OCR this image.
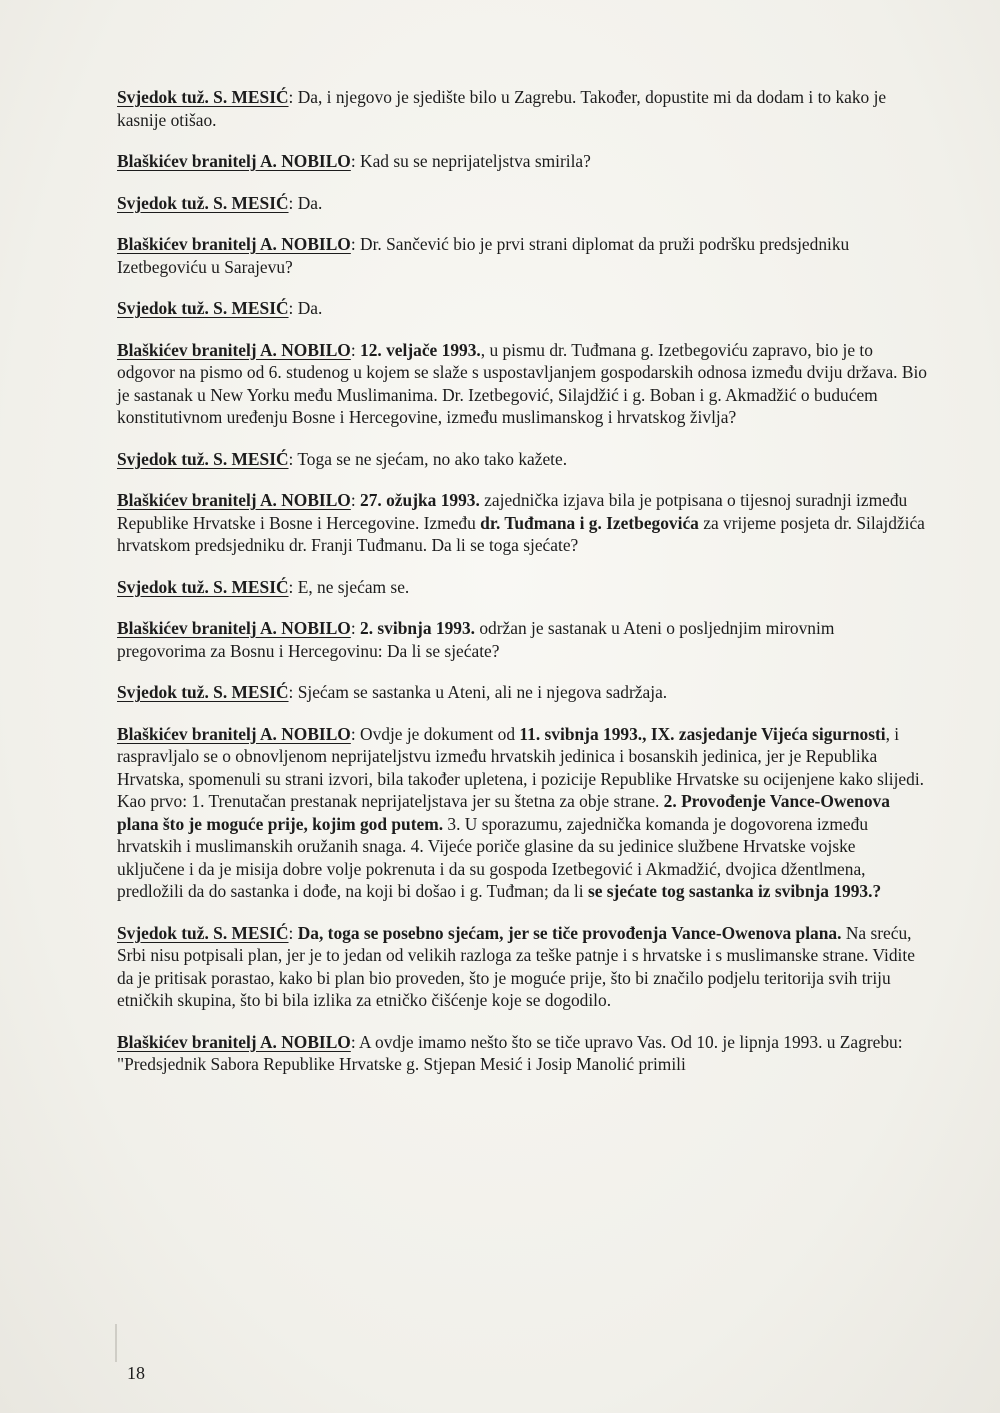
Svjedok tuž. S. MESIĆ: Da, i njegovo je sjedište bilo u Zagrebu. Također, dopustite mi da dodam i to kako je kasnije otišao.

Blaškićev branitelj A. NOBILO: Kad su se neprijateljstva smirila?

Svjedok tuž. S. MESIĆ: Da.

Blaškićev branitelj A. NOBILO: Dr. Sančević bio je prvi strani diplomat da pruži podršku predsjedniku Izetbegoviću u Sarajevu?

Svjedok tuž. S. MESIĆ: Da.

Blaškićev branitelj A. NOBILO: 12. veljače 1993., u pismu dr. Tuđmana g. Izetbegoviću zapravo, bio je to odgovor na pismo od 6. studenog u kojem se slaže s uspostavljanjem gospodarskih odnosa između dviju država. Bio je sastanak u New Yorku među Muslimanima. Dr. Izetbegović, Silajdžić i g. Boban i g. Akmadžić o budućem konstitutivnom uređenju Bosne i Hercegovine, između muslimanskog i hrvatskog življa?

Svjedok tuž. S. MESIĆ: Toga se ne sjećam, no ako tako kažete.

Blaškićev branitelj A. NOBILO: 27. ožujka 1993. zajednička izjava bila je potpisana o tijesnoj suradnji između Republike Hrvatske i Bosne i Hercegovine. Između dr. Tuđmana i g. Izetbegovića za vrijeme posjeta dr. Silajdžića hrvatskom predsjedniku dr. Franji Tuđmanu. Da li se toga sjećate?

Svjedok tuž. S. MESIĆ: E, ne sjećam se.

Blaškićev branitelj A. NOBILO: 2. svibnja 1993. održan je sastanak u Ateni o posljednjim mirovnim pregovorima za Bosnu i Hercegovinu: Da li se sjećate?

Svjedok tuž. S. MESIĆ: Sjećam se sastanka u Ateni, ali ne i njegova sadržaja.

Blaškićev branitelj A. NOBILO: Ovdje je dokument od 11. svibnja 1993., IX. zasjedanje Vijeća sigurnosti, i raspravljalo se o obnovljenom neprijateljstvu između hrvatskih jedinica i bosanskih jedinica, jer je Republika Hrvatska, spomenuli su strani izvori, bila također upletena, i pozicije Republike Hrvatske su ocijenjene kako slijedi. Kao prvo: 1. Trenutačan prestanak neprijateljstava jer su štetna za obje strane. 2. Provođenje Vance-Owenova plana što je moguće prije, kojim god putem. 3. U sporazumu, zajednička komanda je dogovorena između hrvatskih i muslimanskih oružanih snaga. 4. Vijeće poriče glasine da su jedinice službene Hrvatske vojske uključene i da je misija dobre volje pokrenuta i da su gospoda Izetbegović i Akmadžić, dvojica džentlmena, predložili da do sastanka i dođe, na koji bi došao i g. Tuđman; da li se sjećate tog sastanka iz svibnja 1993.?

Svjedok tuž. S. MESIĆ: Da, toga se posebno sjećam, jer se tiče provođenja Vance-Owenova plana. Na sreću, Srbi nisu potpisali plan, jer je to jedan od velikih razloga za teške patnje i s hrvatske i s muslimanske strane. Vidite da je pritisak porastao, kako bi plan bio proveden, što je moguće prije, što bi značilo podjelu teritorija svih triju etničkih skupina, što bi bila izlika za etničko čišćenje koje se dogodilo.

Blaškićev branitelj A. NOBILO: A ovdje imamo nešto što se tiče upravo Vas. Od 10. je lipnja 1993. u Zagrebu: "Predsjednik Sabora Republike Hrvatske g. Stjepan Mesić i Josip Manolić primili

18
